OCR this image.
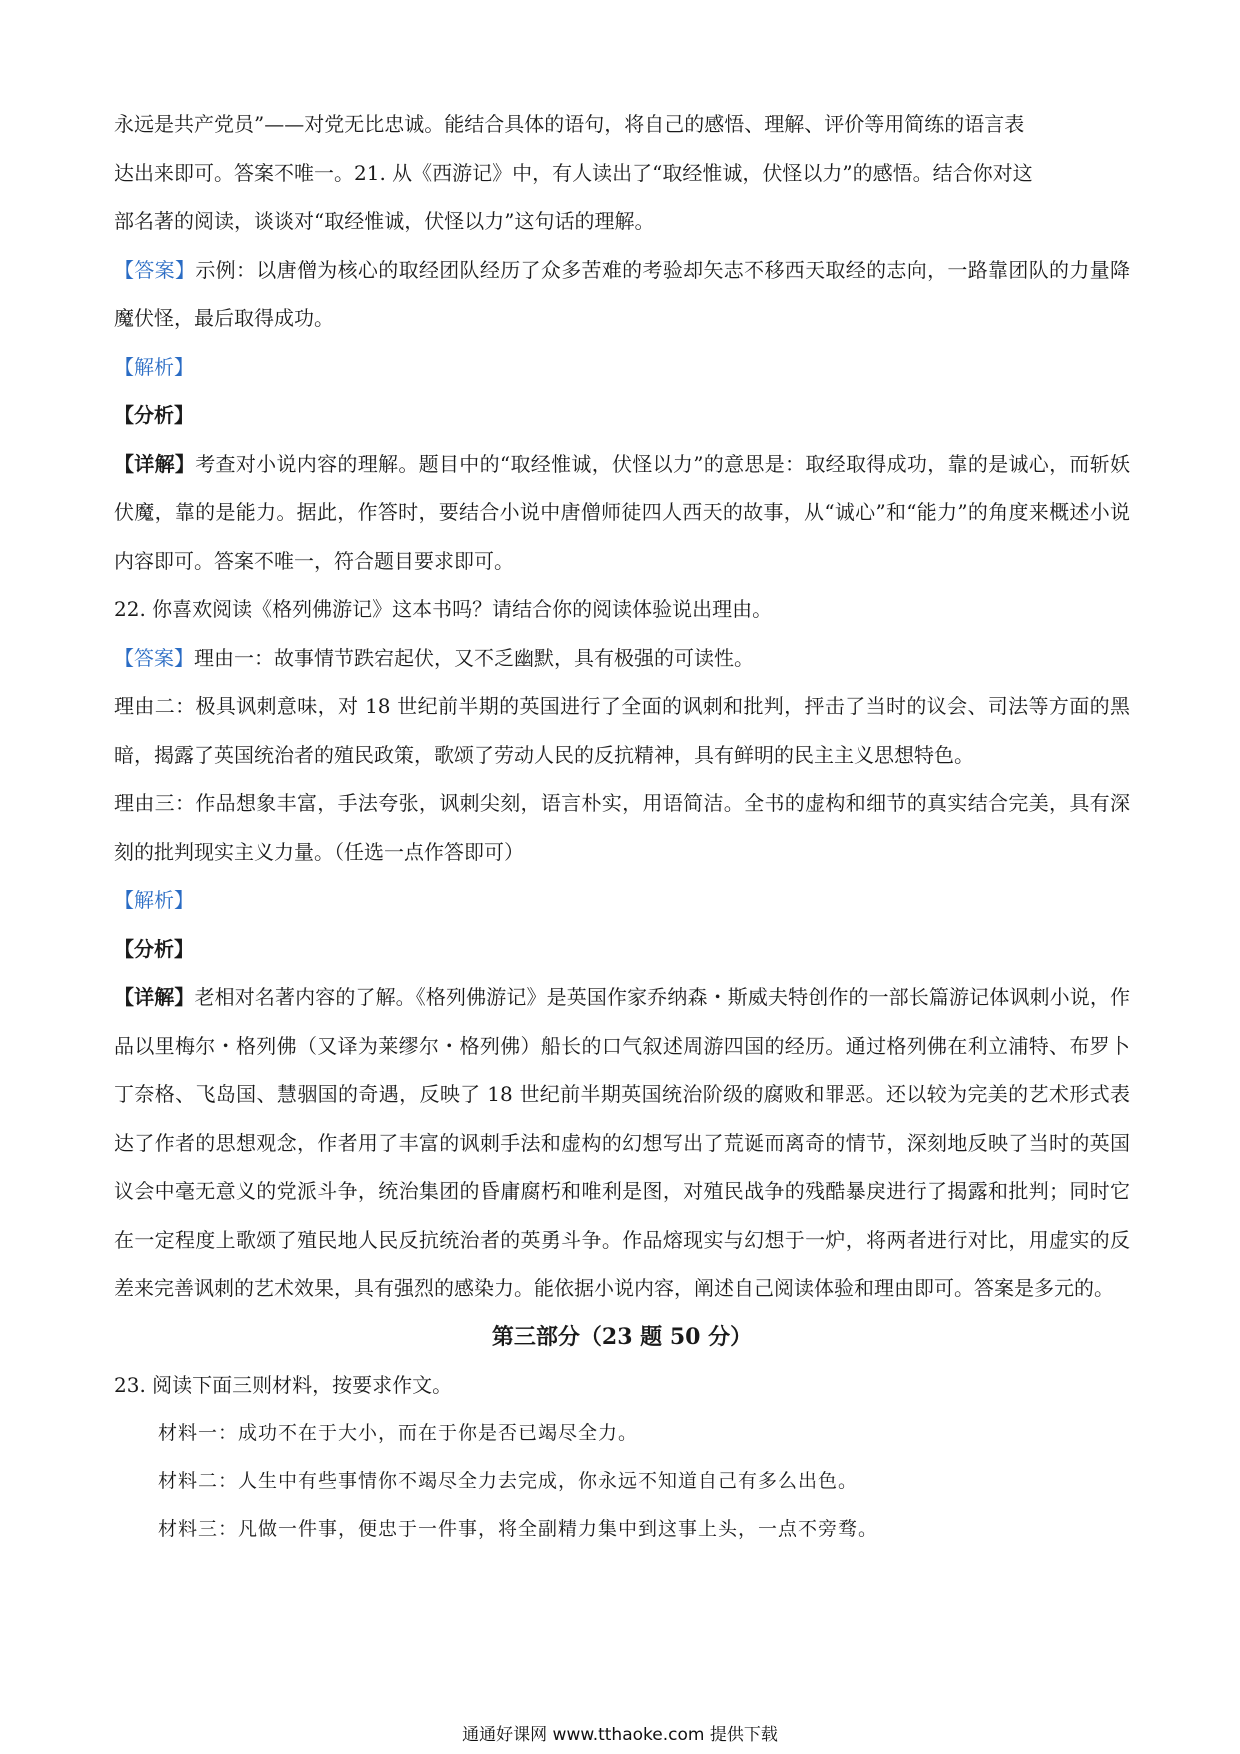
永远是共产党员”——对党无比忠诚。能结合具体的语句，将自己的感悟、理解、评价等用简练的语言表

达出来即可。答案不唯一。21. 从《西游记》中，有人读出了“取经惟诚，伏怪以力”的感悟。结合你对这

部名著的阅读，谈谈对“取经惟诚，伏怪以力”这句话的理解。

【答案】示例：以唐僧为核心的取经团队经历了众多苦难的考验却矢志不移西天取经的志向，一路靠团队的力量降魔伏怪，最后取得成功。

【解析】

【分析】

【详解】考查对小说内容的理解。题目中的“取经惟诚，伏怪以力”的意思是：取经取得成功，靠的是诚心，而斩妖伏魔，靠的是能力。据此，作答时，要结合小说中唐僧师徒四人西天的故事，从“诚心”和“能力”的角度来概述小说内容即可。答案不唯一，符合题目要求即可。

22. 你喜欢阅读《格列佛游记》这本书吗？请结合你的阅读体验说出理由。

【答案】理由一：故事情节跌宕起伏，又不乏幽默，具有极强的可读性。

理由二：极具讽刺意味，对 18 世纪前半期的英国进行了全面的讽刺和批判，抨击了当时的议会、司法等方面的黑暗，揭露了英国统治者的殖民政策，歌颂了劳动人民的反抗精神，具有鲜明的民主主义思想特色。

理由三：作品想象丰富，手法夸张，讽刺尖刻，语言朴实，用语简洁。全书的虚构和细节的真实结合完美，具有深刻的批判现实主义力量。（任选一点作答即可）

【解析】

【分析】

【详解】老相对名著内容的了解。《格列佛游记》是英国作家乔纳森・斯威夫特创作的一部长篇游记体讽刺小说，作品以里梅尔・格列佛（又译为莱缪尔・格列佛）船长的口气叙述周游四国的经历。通过格列佛在利立浦特、布罗卜丁奈格、飞岛国、慧骃国的奇遇，反映了 18 世纪前半期英国统治阶级的腐败和罪恶。还以较为完美的艺术形式表达了作者的思想观念，作者用了丰富的讽刺手法和虚构的幻想写出了荒诞而离奇的情节，深刻地反映了当时的英国议会中毫无意义的党派斗争，统治集团的昏庸腐朽和唯利是图，对殖民战争的残酷暴戾进行了揭露和批判；同时它在一定程度上歌颂了殖民地人民反抗统治者的英勇斗争。作品熔现实与幻想于一炉，将两者进行对比，用虚实的反差来完善讽刺的艺术效果，具有强烈的感染力。能依据小说内容，阐述自己阅读体验和理由即可。答案是多元的。

第三部分（23 题 50 分）

23. 阅读下面三则材料，按要求作文。

材料一：成功不在于大小，而在于你是否已竭尽全力。

材料二：人生中有些事情你不竭尽全力去完成，你永远不知道自己有多么出色。

材料三：凡做一件事，便忠于一件事，将全副精力集中到这事上头，一点不旁骛。

通通好课网 www.tthaoke.com 提供下载
